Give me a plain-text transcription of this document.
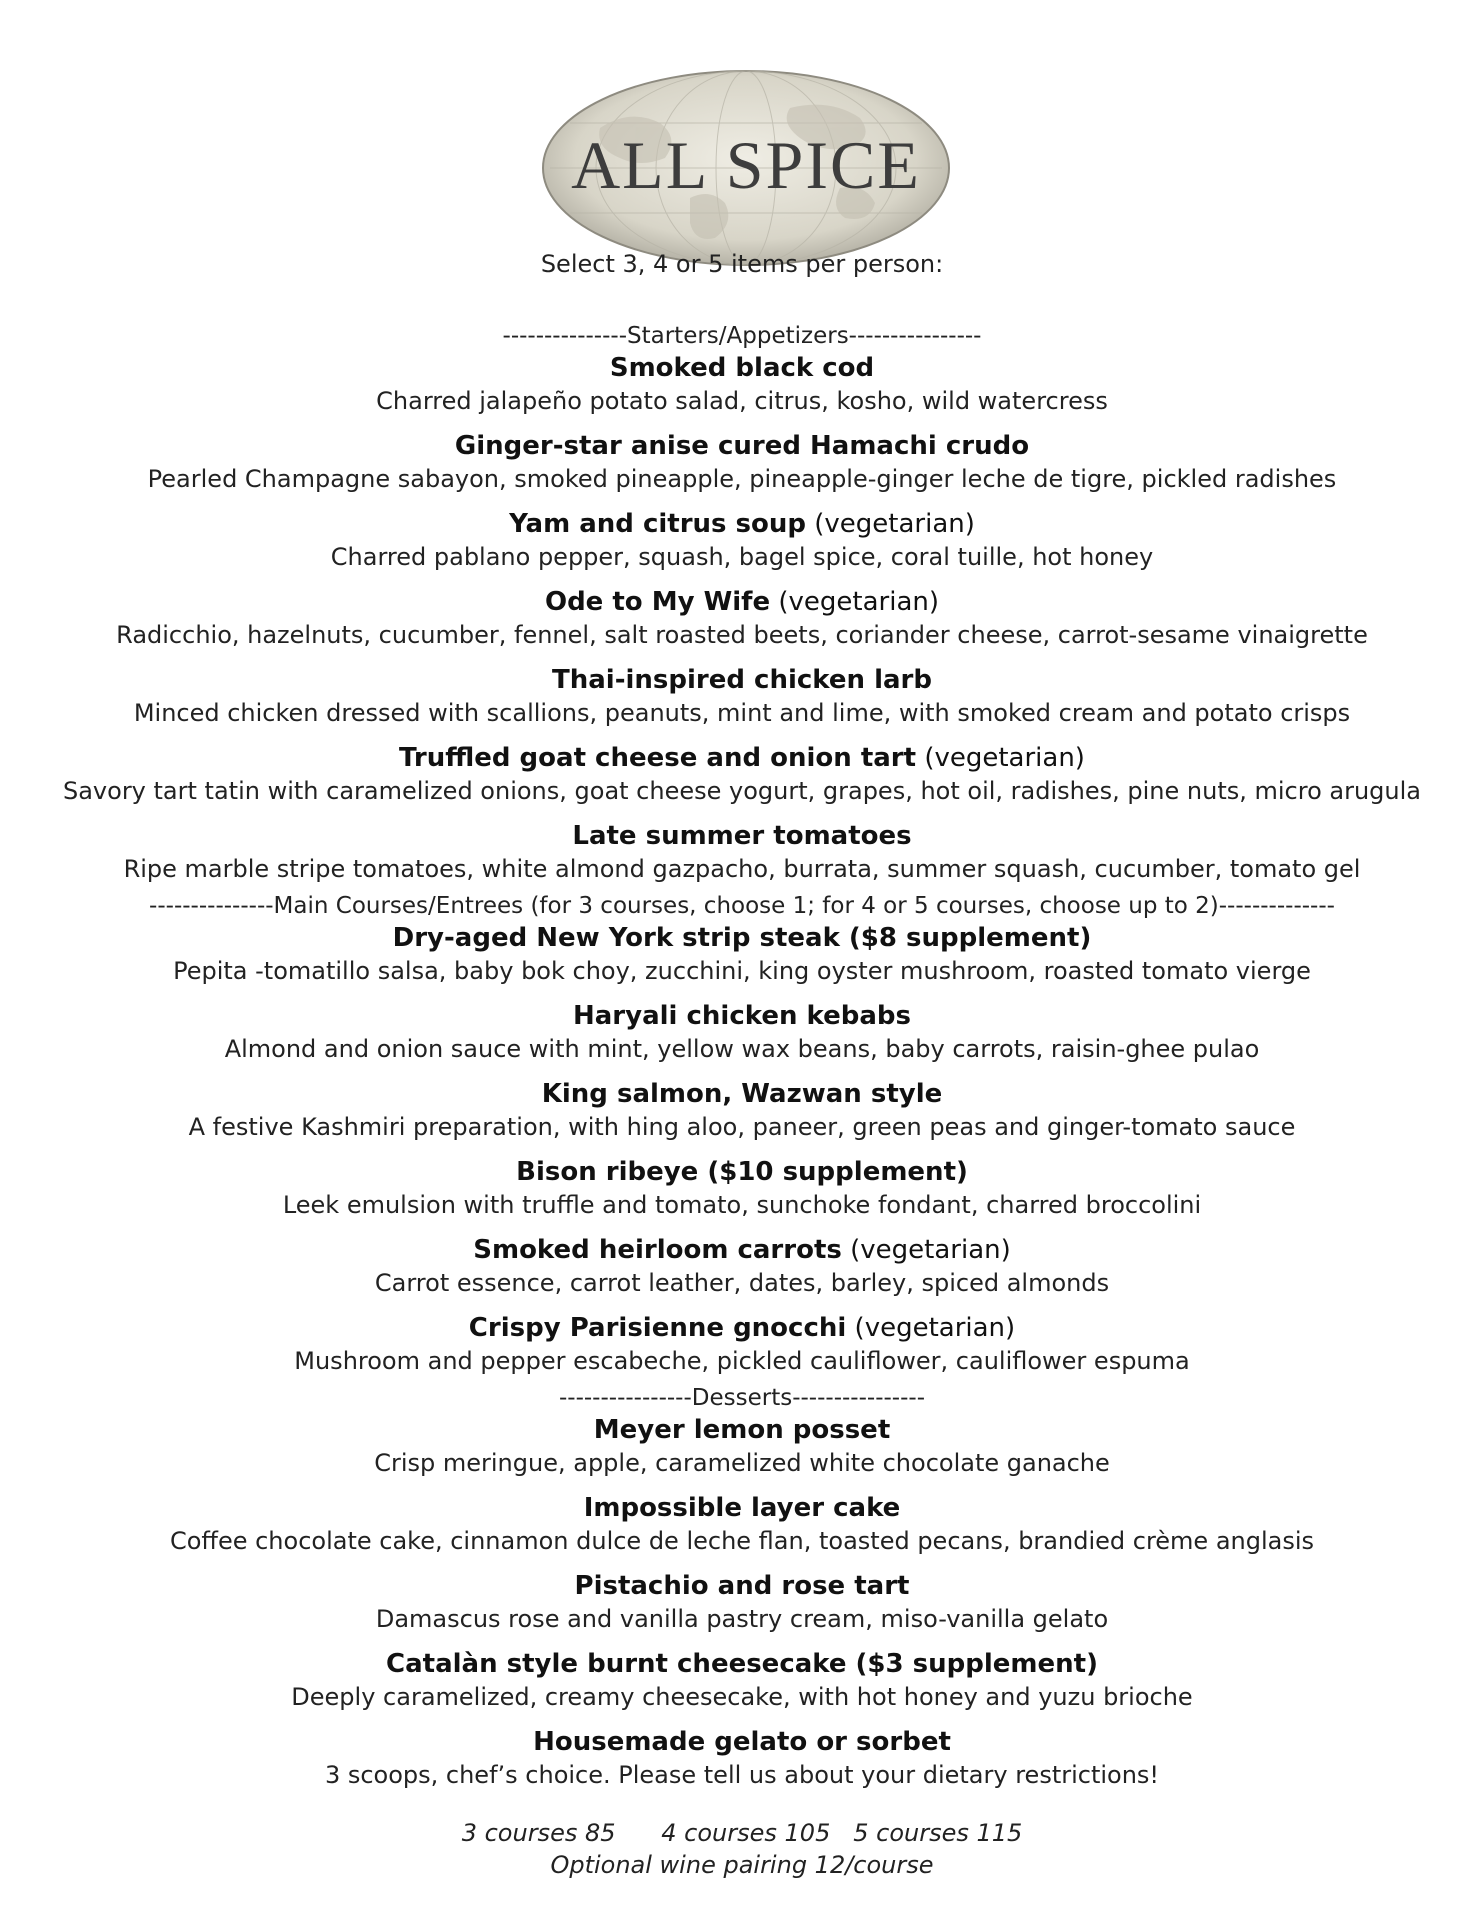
ALL SPICE

Select 3, 4 or 5 items per person:

---------------Starters/Appetizers----------------

Smoked black cod

Charred jalapeño potato salad, citrus, kosho, wild watercress

Ginger-star anise cured Hamachi crudo

Pearled Champagne sabayon, smoked pineapple, pineapple-ginger leche de tigre, pickled radishes

Yam and citrus soup (vegetarian)

Charred pablano pepper, squash, bagel spice, coral tuille, hot honey

Ode to My Wife (vegetarian)

Radicchio, hazelnuts, cucumber, fennel, salt roasted beets, coriander cheese, carrot-sesame vinaigrette

Thai-inspired chicken larb

Minced chicken dressed with scallions, peanuts, mint and lime, with smoked cream and potato crisps

Truffled goat cheese and onion tart (vegetarian)

Savory tart tatin with caramelized onions, goat cheese yogurt, grapes, hot oil, radishes, pine nuts, micro arugula

Late summer tomatoes

Ripe marble stripe tomatoes, white almond gazpacho, burrata, summer squash, cucumber, tomato gel

---------------Main Courses/Entrees (for 3 courses, choose 1; for 4 or 5 courses, choose up to 2)--------------

Dry-aged New York strip steak ($8 supplement)

Pepita -tomatillo salsa, baby bok choy, zucchini, king oyster mushroom, roasted tomato vierge

Haryali chicken kebabs

Almond and onion sauce with mint, yellow wax beans, baby carrots, raisin-ghee pulao

King salmon, Wazwan style

A festive Kashmiri preparation, with hing aloo, paneer, green peas and ginger-tomato sauce

Bison ribeye ($10 supplement)

Leek emulsion with truffle and tomato, sunchoke fondant, charred broccolini

Smoked heirloom carrots (vegetarian)

Carrot essence, carrot leather, dates, barley, spiced almonds

Crispy Parisienne gnocchi (vegetarian)

Mushroom and pepper escabeche, pickled cauliflower, cauliflower espuma

----------------Desserts----------------

Meyer lemon posset

Crisp meringue, apple, caramelized white chocolate ganache

Impossible layer cake

Coffee chocolate cake, cinnamon dulce de leche flan, toasted pecans, brandied crème anglasis

Pistachio and rose tart

Damascus rose and vanilla pastry cream, miso-vanilla gelato

Catalàn style burnt cheesecake ($3 supplement)

Deeply caramelized, creamy cheesecake, with hot honey and yuzu brioche

Housemade gelato or sorbet

3 scoops, chef’s choice. Please tell us about your dietary restrictions!

3 courses 85      4 courses 105   5 courses 115

Optional wine pairing 12/course
